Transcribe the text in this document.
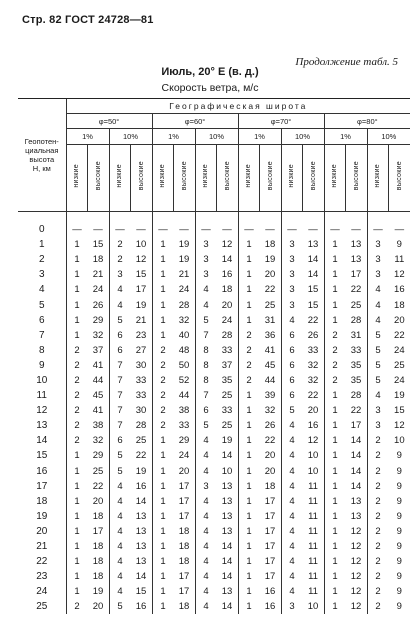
Стр. 82 ГОСТ 24728—81
Продолжение табл. 5
Июль, 20° Е (в. д.)
Скорость ветра, м/с
Геопотен-
циальная
высота
H, км	Географическая широта															
	φ=50°				φ=60°				φ=70°				φ=80°			
	1%		10%		1%		10%		1%		10%		1%		10%	
	низкие	высокие	низкие	высокие	низкие	высокие	низкие	высокие	низкие	высокие	низкие	высокие	низкие	высокие	низкие	высокие

0	—	—	—	—	—	—	—	—	—	—	—	—	—	—	—	—
1	1	15	2	10	1	19	3	12	1	18	3	13	1	13	3	9
2	1	18	2	12	1	19	3	14	1	19	3	14	1	13	3	11
3	1	21	3	15	1	21	3	16	1	20	3	14	1	17	3	12
4	1	24	4	17	1	24	4	18	1	22	3	15	1	22	4	16
5	1	26	4	19	1	28	4	20	1	25	3	15	1	25	4	18
6	1	29	5	21	1	32	5	24	1	31	4	22	1	28	4	20
7	1	32	6	23	1	40	7	28	2	36	6	26	2	31	5	22
8	2	37	6	27	2	48	8	33	2	41	6	33	2	33	5	24
9	2	41	7	30	2	50	8	37	2	45	6	32	2	35	5	25
10	2	44	7	33	2	52	8	35	2	44	6	32	2	35	5	24
11	2	45	7	33	2	44	7	25	1	39	6	22	1	28	4	19
12	2	41	7	30	2	38	6	33	1	32	5	20	1	22	3	15
13	2	38	7	28	2	33	5	25	1	26	4	16	1	17	3	12
14	2	32	6	25	1	29	4	19	1	22	4	12	1	14	2	10
15	1	29	5	22	1	24	4	14	1	20	4	10	1	14	2	9
16	1	25	5	19	1	20	4	10	1	20	4	10	1	14	2	9
17	1	22	4	16	1	17	3	13	1	18	4	11	1	14	2	9
18	1	20	4	14	1	17	4	13	1	17	4	11	1	13	2	9
19	1	18	4	13	1	17	4	13	1	17	4	11	1	13	2	9
20	1	17	4	13	1	18	4	13	1	17	4	11	1	12	2	9
21	1	18	4	13	1	18	4	14	1	17	4	11	1	12	2	9
22	1	18	4	13	1	18	4	14	1	17	4	11	1	12	2	9
23	1	18	4	14	1	17	4	14	1	17	4	11	1	12	2	9
24	1	19	4	15	1	17	4	13	1	16	4	11	1	12	2	9
25	2	20	5	16	1	18	4	14	1	16	3	10	1	12	2	9
